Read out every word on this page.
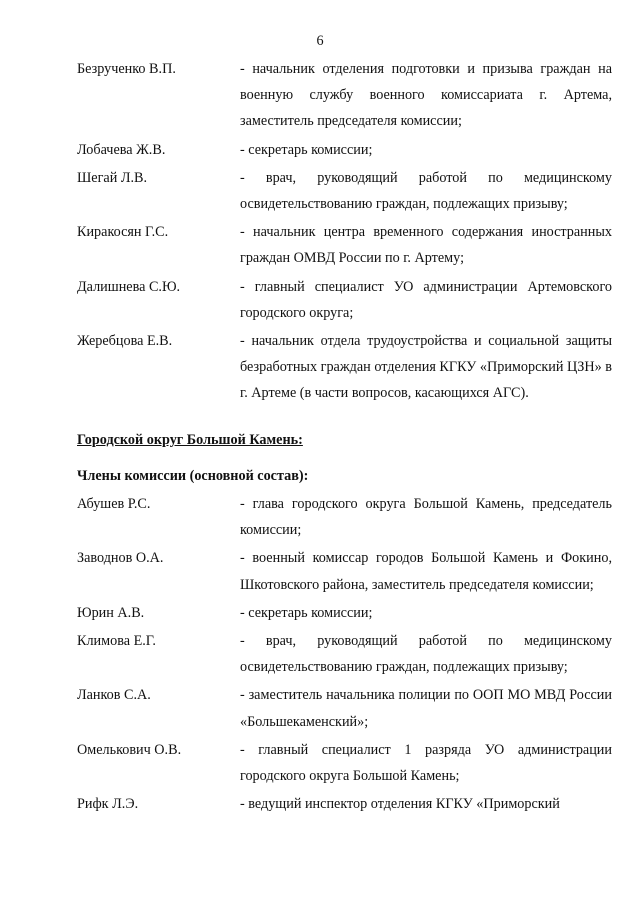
6
Безрученко В.П.	- начальник отделения подготовки и призыва граждан на военную службу военного комиссариата г. Артема, заместитель председателя комиссии;
Лобачева Ж.В.	- секретарь комиссии;
Шегай Л.В.	- врач, руководящий работой по медицинскому освидетельствованию граждан, подлежащих призыву;
Киракосян Г.С.	- начальник центра временного содержания иностранных граждан ОМВД России по г. Артему;
Далишнева С.Ю.	- главный специалист УО администрации Артемовского городского округа;
Жеребцова Е.В.	- начальник отдела трудоустройства и социальной защиты безработных граждан отделения КГКУ «Приморский ЦЗН» в г. Артеме (в части вопросов, касающихся АГС).
Городской округ Большой Камень:
Члены комиссии (основной состав):
Абушев Р.С.	- глава городского округа Большой Камень, председатель комиссии;
Заводнов О.А.	- военный комиссар городов Большой Камень и Фокино, Шкотовского района, заместитель председателя комиссии;
Юрин А.В.	- секретарь комиссии;
Климова Е.Г.	- врач, руководящий работой по медицинскому освидетельствованию граждан, подлежащих призыву;
Ланков С.А.	- заместитель начальника полиции по ООП МО МВД России «Большекаменский»;
Омелькович О.В.	- главный специалист 1 разряда УО администрации городского округа Большой Камень;
Рифк Л.Э.	- ведущий инспектор отделения КГКУ «Приморский
